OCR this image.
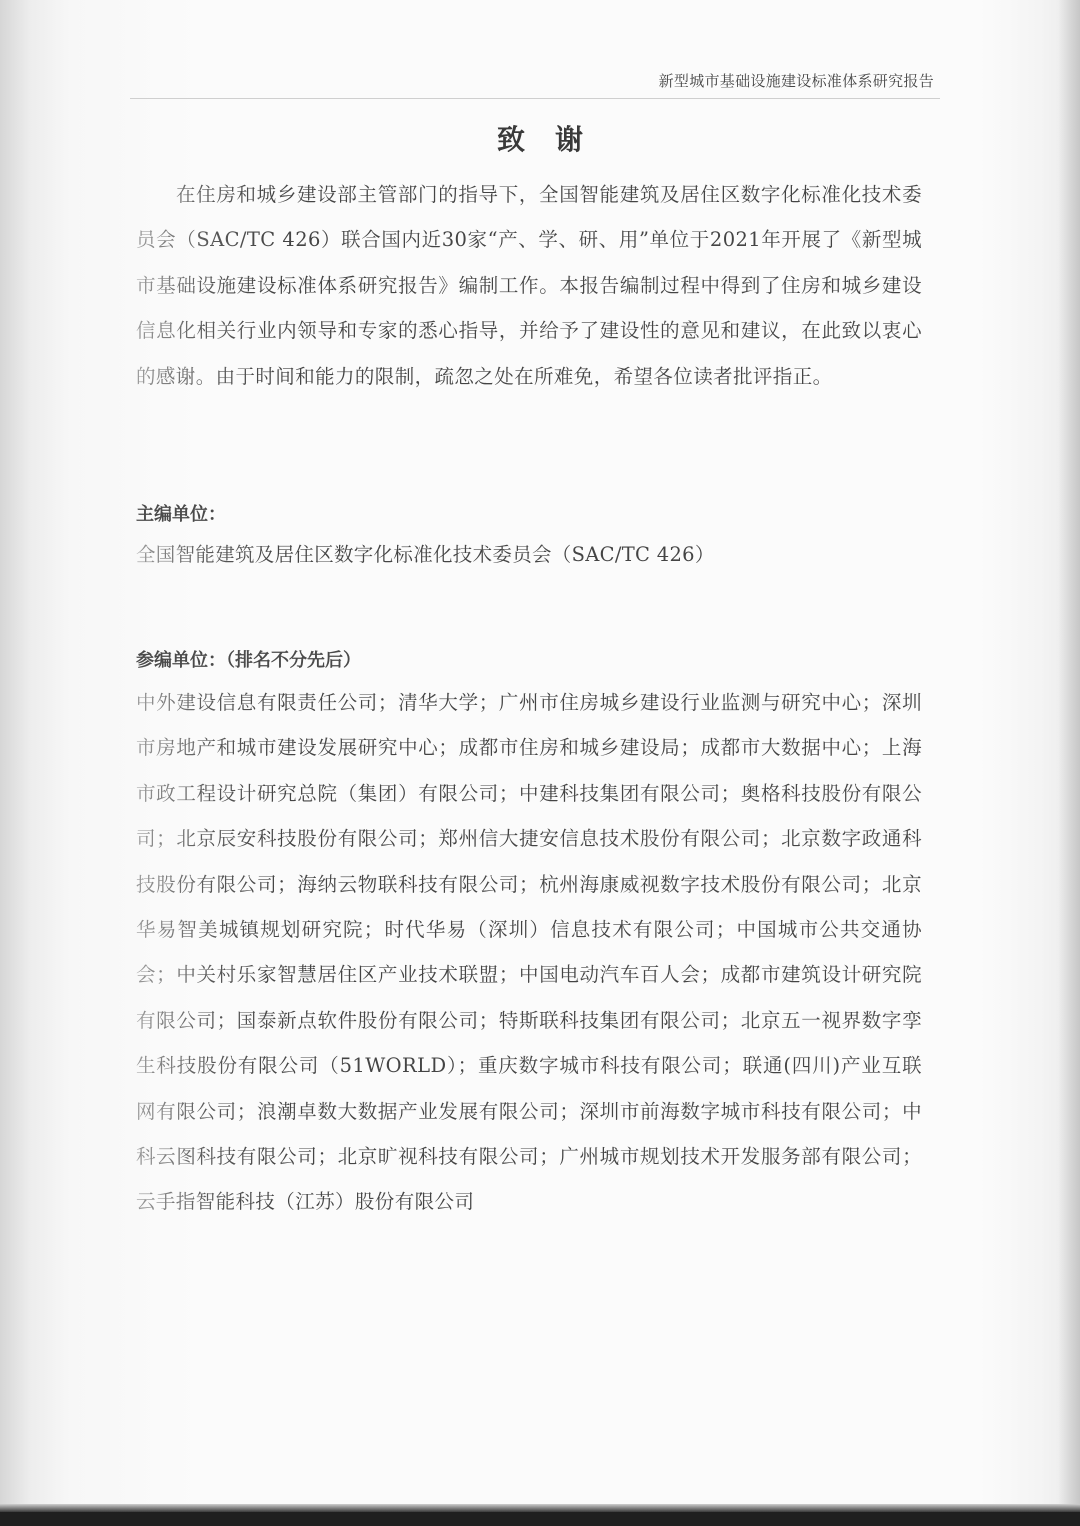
新型城市基础设施建设标准体系研究报告
致谢
在住房和城乡建设部主管部门的指导下，全国智能建筑及居住区数字化标准化技术委员会（SAC/TC 426）联合国内近30家“产、学、研、用”单位于2021年开展了《新型城市基础设施建设标准体系研究报告》编制工作。本报告编制过程中得到了住房和城乡建设信息化相关行业内领导和专家的悉心指导，并给予了建设性的意见和建议，在此致以衷心的感谢。由于时间和能力的限制，疏忽之处在所难免，希望各位读者批评指正。
主编单位：
全国智能建筑及居住区数字化标准化技术委员会（SAC/TC 426）
参编单位：（排名不分先后）
中外建设信息有限责任公司；清华大学；广州市住房城乡建设行业监测与研究中心；深圳市房地产和城市建设发展研究中心；成都市住房和城乡建设局；成都市大数据中心；上海市政工程设计研究总院（集团）有限公司；中建科技集团有限公司；奥格科技股份有限公司；北京辰安科技股份有限公司；郑州信大捷安信息技术股份有限公司；北京数字政通科技股份有限公司；海纳云物联科技有限公司；杭州海康威视数字技术股份有限公司；北京华易智美城镇规划研究院；时代华易（深圳）信息技术有限公司；中国城市公共交通协会；中关村乐家智慧居住区产业技术联盟；中国电动汽车百人会；成都市建筑设计研究院有限公司；国泰新点软件股份有限公司；特斯联科技集团有限公司；北京五一视界数字孪生科技股份有限公司（51WORLD）；重庆数字城市科技有限公司；联通(四川)产业互联网有限公司；浪潮卓数大数据产业发展有限公司；深圳市前海数字城市科技有限公司；中科云图科技有限公司；北京旷视科技有限公司；广州城市规划技术开发服务部有限公司；云手指智能科技（江苏）股份有限公司
